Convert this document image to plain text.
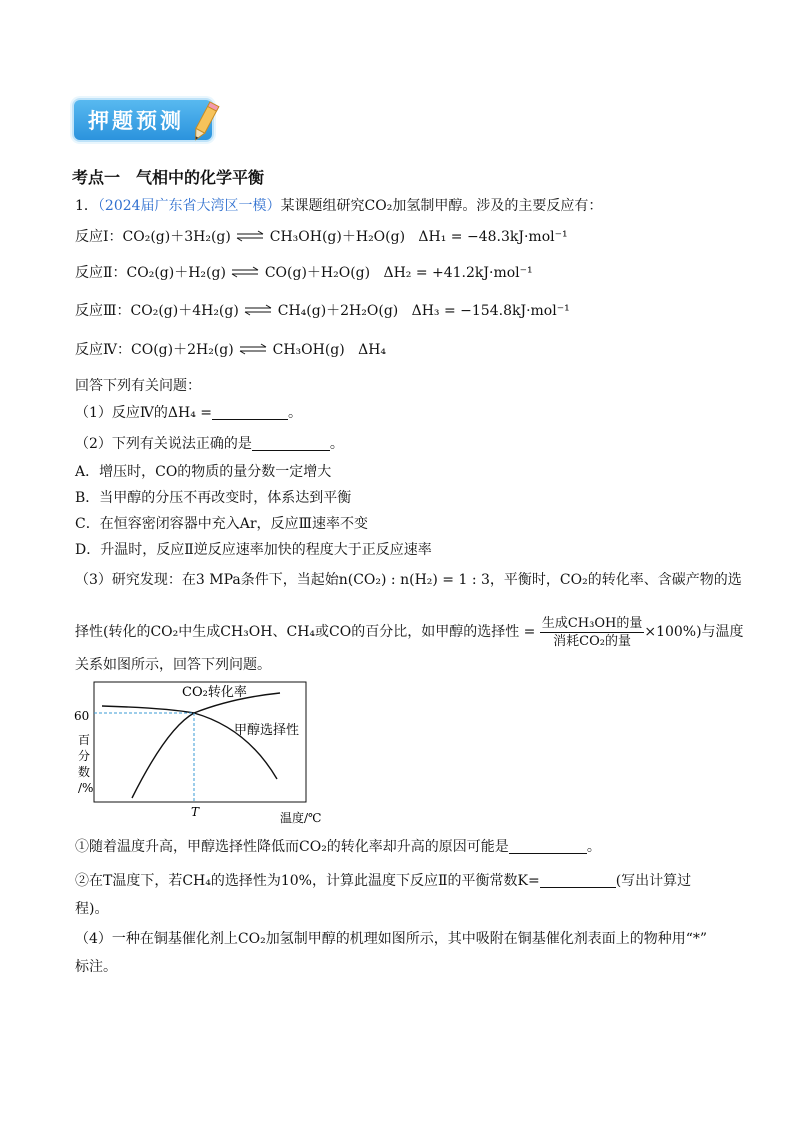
押题预测
考点一　气相中的化学平衡
1．（2024届广东省大湾区一模）某课题组研究CO₂加氢制甲醇。涉及的主要反应有：
反应Ⅰ：CO₂(g)＋3H₂(g) ⇌ CH₃OH(g)＋H₂O(g) ΔH₁ = −48.3kJ·mol⁻¹
反应Ⅱ：CO₂(g)＋H₂(g) ⇌ CO(g)＋H₂O(g) ΔH₂ = +41.2kJ·mol⁻¹
反应Ⅲ：CO₂(g)＋4H₂(g) ⇌ CH₄(g)＋2H₂O(g) ΔH₃ = −154.8kJ·mol⁻¹
反应Ⅳ：CO(g)＋2H₂(g) ⇌ CH₃OH(g) ΔH₄
回答下列有关问题：
（1）反应Ⅳ的ΔH₄ =	。
（2）下列有关说法正确的是	。
A．增压时，CO的物质的量分数一定增大
B．当甲醇的分压不再改变时，体系达到平衡
C．在恒容密闭容器中充入Ar，反应Ⅲ速率不变
D．升温时，反应Ⅱ逆反应速率加快的程度大于正反应速率
（3）研究发现：在3 MPa条件下，当起始n(CO₂) : n(H₂) = 1 : 3，平衡时，CO₂的转化率、含碳产物的选
择性(转化的CO₂中生成CH₃OH、CH₄或CO的百分比，如甲醇的选择性 = $\frac{\text{生成CH₃OH的量}}{\text{消耗CO₂的量}} \times 100\%$)与温度
关系如图所示，回答下列问题。
CO₂转化率
甲醇选择性
60
T
百分数/%
温度/℃
①随着温度升高，甲醇选择性降低而CO₂的转化率却升高的原因可能是	。
②在T温度下，若CH₄的选择性为10%，计算此温度下反应Ⅱ的平衡常数K=	(写出计算过
程)。
（4）一种在铜基催化剂上CO₂加氢制甲醇的机理如图所示，其中吸附在铜基催化剂表面上的物种用“*”
标注。
